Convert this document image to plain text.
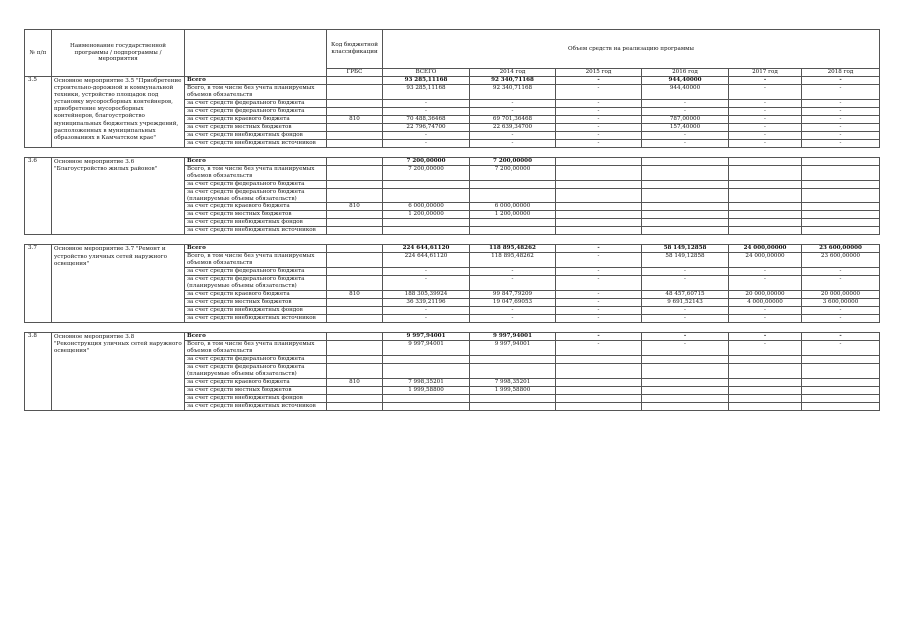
№ п/п	Наименование государственной программы / подпрограммы / мероприятия		Код бюджетной классификации	Объем средств на реализацию программы					
			ГРБС	ВСЕГО	2014 год	2015 год	2016 год	2017 год	2018 год
3.5	Основное мероприятие 3.5 "Приобретение строительно-дорожной и коммунальной техники, устройство площадок под установку мусоросборных контейнеров, приобретение мусоросборных контейнеров, благоустройство муниципальных бюджетных учреждений, расположенных в муниципальных образованиях в Камчатском крае"	Всего		93 285,11168	92 340,71168	-	944,40000	-	-
		Всего, в том числе без учета планируемых объемов обязательств		93 285,11168	92 340,71168	-	944,40000	-	-
		за счет средств федерального бюджета		-	-	-	-	-	-
		за счет средств федерального бюджета		-	-	-	-	-	-
		за счет средств краевого бюджета	810	70 488,36468	69 701,36468	-	787,00000	-	-
		за счет средств местных бюджетов		22 796,74700	22 639,34700	-	157,40000	-	-
		за счет средств внебюджетных фондов		-	-	-	-	-	-
		за счет средств внебюджетных источников		-	-	-	-	-	-

3.6	Основное мероприятие 3.6 "Благоустройство жилых районов"	Всего		7 200,00000	7 200,00000				
		Всего, в том числе без учета планируемых объемов обязательств		7 200,00000	7 200,00000				
		за счет средств федерального бюджета							
		за счет средств федерального бюджета (планируемые объемы обязательств)							
		за счет средств краевого бюджета	810	6 000,00000	6 000,00000				
		за счет средств местных бюджетов		1 200,00000	1 200,00000				
		за счет средств внебюджетных фондов							
		за счет средств внебюджетных источников							

3.7	Основное мероприятие 3.7 "Ремонт и устройство уличных сетей наружного освещения"	Всего		224 644,61120	118 895,48262	-	58 149,12858	24 000,00000	23 600,00000
		Всего, в том числе без учета планируемых объемов обязательств		224 644,61120	118 895,48262	-	58 149,12858	24 000,00000	23 600,00000
		за счет средств федерального бюджета		-	-	-	-	-	-
		за счет средств федерального бюджета (планируемые объемы обязательств)		-	-	-	-	-	-
		за счет средств краевого бюджета	810	188 305,39924	99 847,79209	-	48 457,60715	20 000,00000	20 000,00000
		за счет средств местных бюджетов		36 339,21196	19 047,69053	-	9 691,52143	4 000,00000	3 600,00000
		за счет средств внебюджетных фондов		-	-	-	-	-	-
		за счет средств внебюджетных источников		-	-	-	-	-	-

3.8	Основное мероприятие 3.8 "Реконструкция уличных сетей наружного освещения"	Всего		9 997,94001	9 997,94001	-	-	-	-
		Всего, в том числе без учета планируемых объемов обязательств		9 997,94001	9 997,94001	-	-	-	-
		за счет средств федерального бюджета							
		за счет средств федерального бюджета (планируемые объемы обязательств)							
		за счет средств краевого бюджета	810	7 998,35201	7 998,35201				
		за счет средств местных бюджетов		1 999,58800	1 999,58800				
		за счет средств внебюджетных фондов							
		за счет средств внебюджетных источников							
